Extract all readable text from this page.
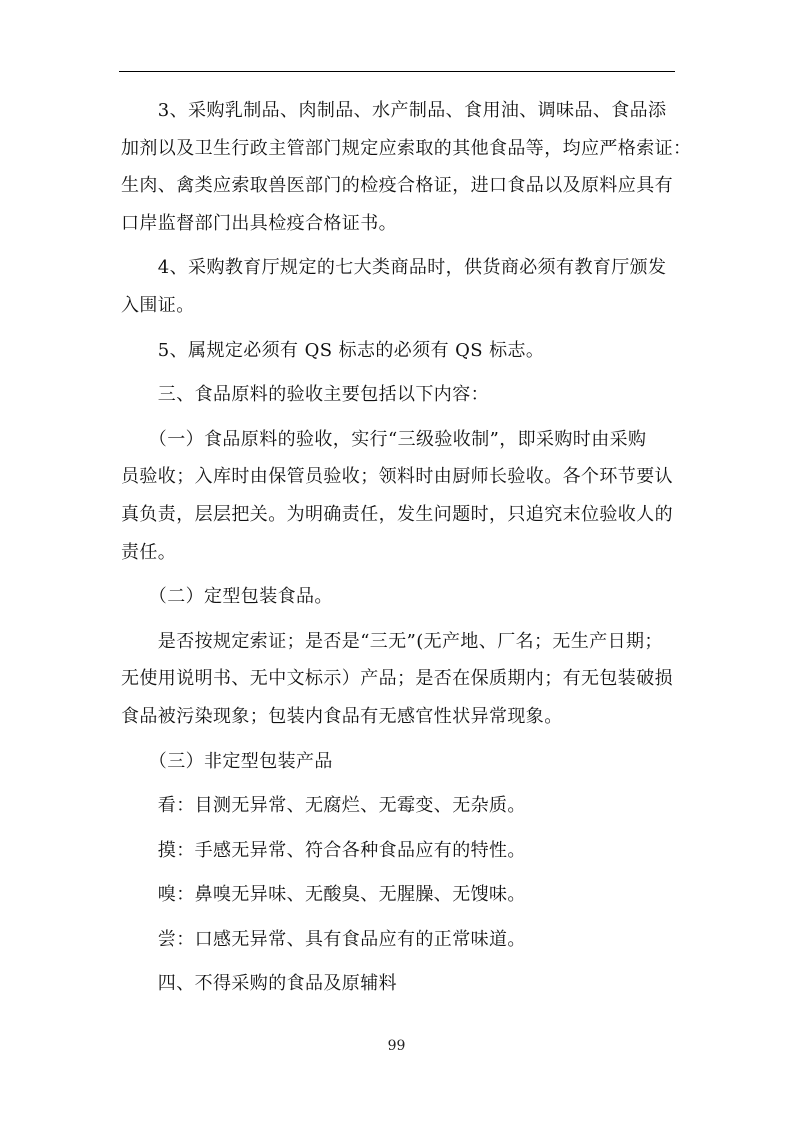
　　3、采购乳制品、肉制品、水产制品、食用油、调味品、食品添

加剂以及卫生行政主管部门规定应索取的其他食品等，均应严格索证：

生肉、禽类应索取兽医部门的检疫合格证，进口食品以及原料应具有

口岸监督部门出具检疫合格证书。

　　4、采购教育厅规定的七大类商品时，供货商必须有教育厅颁发

入围证。

　　5、属规定必须有 QS 标志的必须有 QS 标志。

　　三、食品原料的验收主要包括以下内容：

　　（一）食品原料的验收，实行“三级验收制”，即采购时由采购

员验收；入库时由保管员验收；领料时由厨师长验收。各个环节要认

真负责，层层把关。为明确责任，发生问题时，只追究末位验收人的

责任。

　　（二）定型包装食品。

　　是否按规定索证；是否是“三无”(无产地、厂名；无生产日期；

无使用说明书、无中文标示）产品；是否在保质期内；有无包装破损

食品被污染现象；包装内食品有无感官性状异常现象。

　　（三）非定型包装产品

　　看：目测无异常、无腐烂、无霉变、无杂质。

　　摸：手感无异常、符合各种食品应有的特性。

　　嗅：鼻嗅无异味、无酸臭、无腥臊、无馊味。

　　尝：口感无异常、具有食品应有的正常味道。

　　四、不得采购的食品及原辅料

99
